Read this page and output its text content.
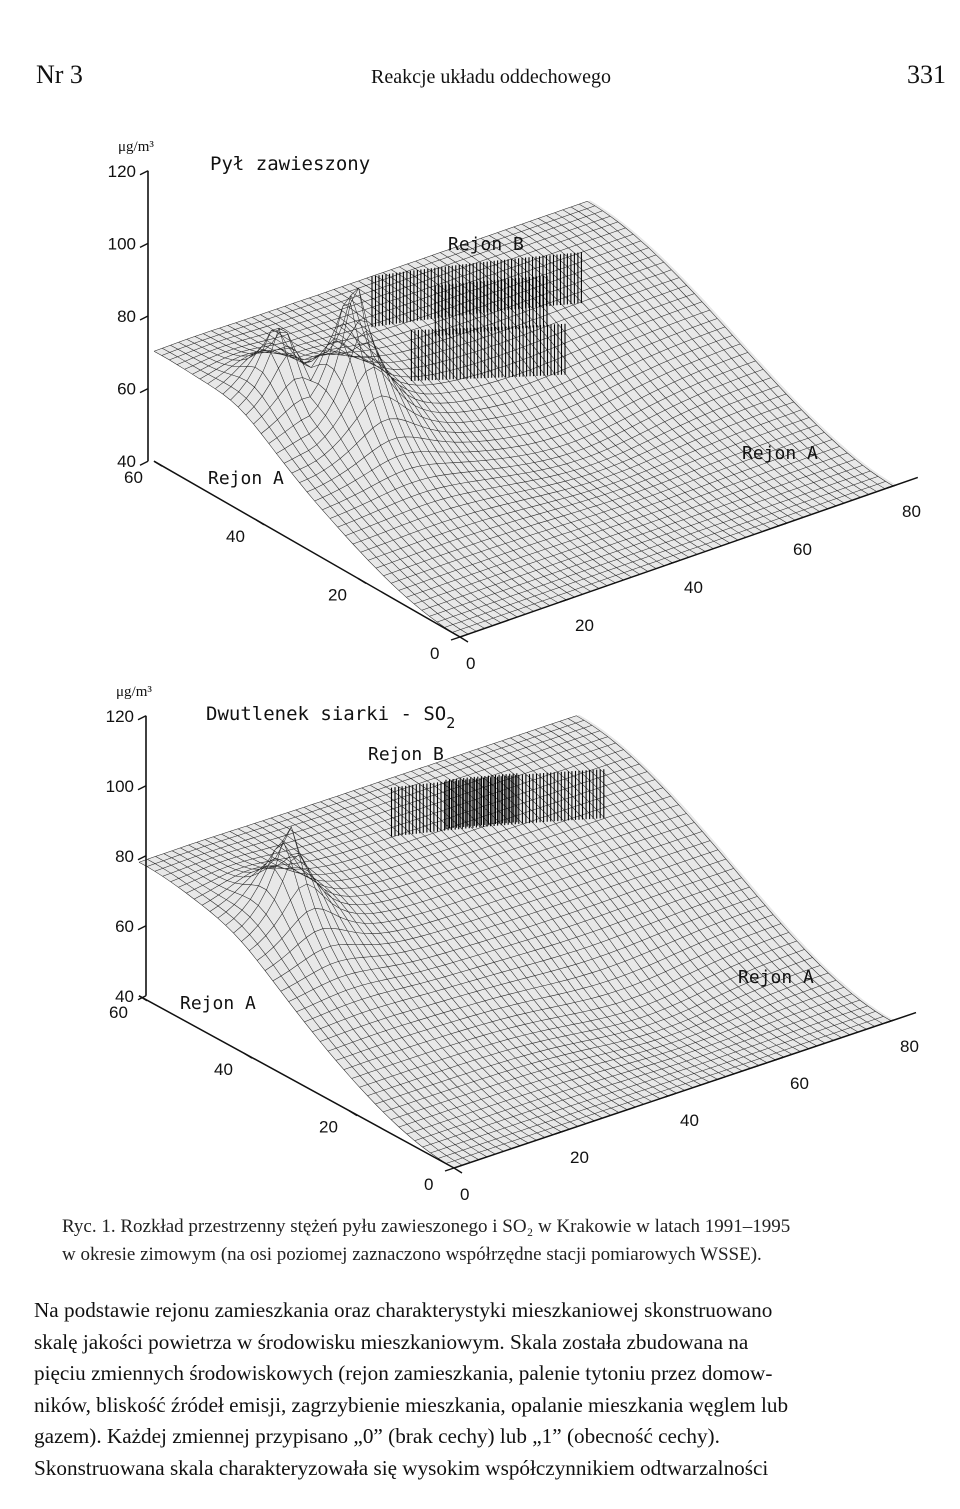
Nr 3	Reakcje układu oddechowego	331
120
100
80
60
40
μg/m³
0
20
40
60
80
0
20
40
60
Rejon B
Rejon A
Rejon A
Pył zawieszony
120
100
80
60
40
μg/m³
0
20
40
60
80
0
20
40
60
Rejon B
Rejon A
Rejon A
Dwutlenek siarki - $SO_2$
Ryc. 1. Rozkład przestrzenny stężeń pyłu zawieszonego i SO₂ w Krakowie w latach 1991–1995
w okresie zimowym (na osi poziomej zaznaczono współrzędne stacji pomiarowych WSSE).
Na podstawie rejonu zamieszkania oraz charakterystyki mieszkaniowej skonstruowano
skalę jakości powietrza w środowisku mieszkaniowym. Skala została zbudowana na
pięciu zmiennych środowiskowych (rejon zamieszkania, palenie tytoniu przez domow-
ników, bliskość źródeł emisji, zagrzybienie mieszkania, opalanie mieszkania węglem lub
gazem). Każdej zmiennej przypisano „0” (brak cechy) lub „1” (obecność cechy).
Skonstruowana skala charakteryzowała się wysokim współczynnikiem odtwarzalności
